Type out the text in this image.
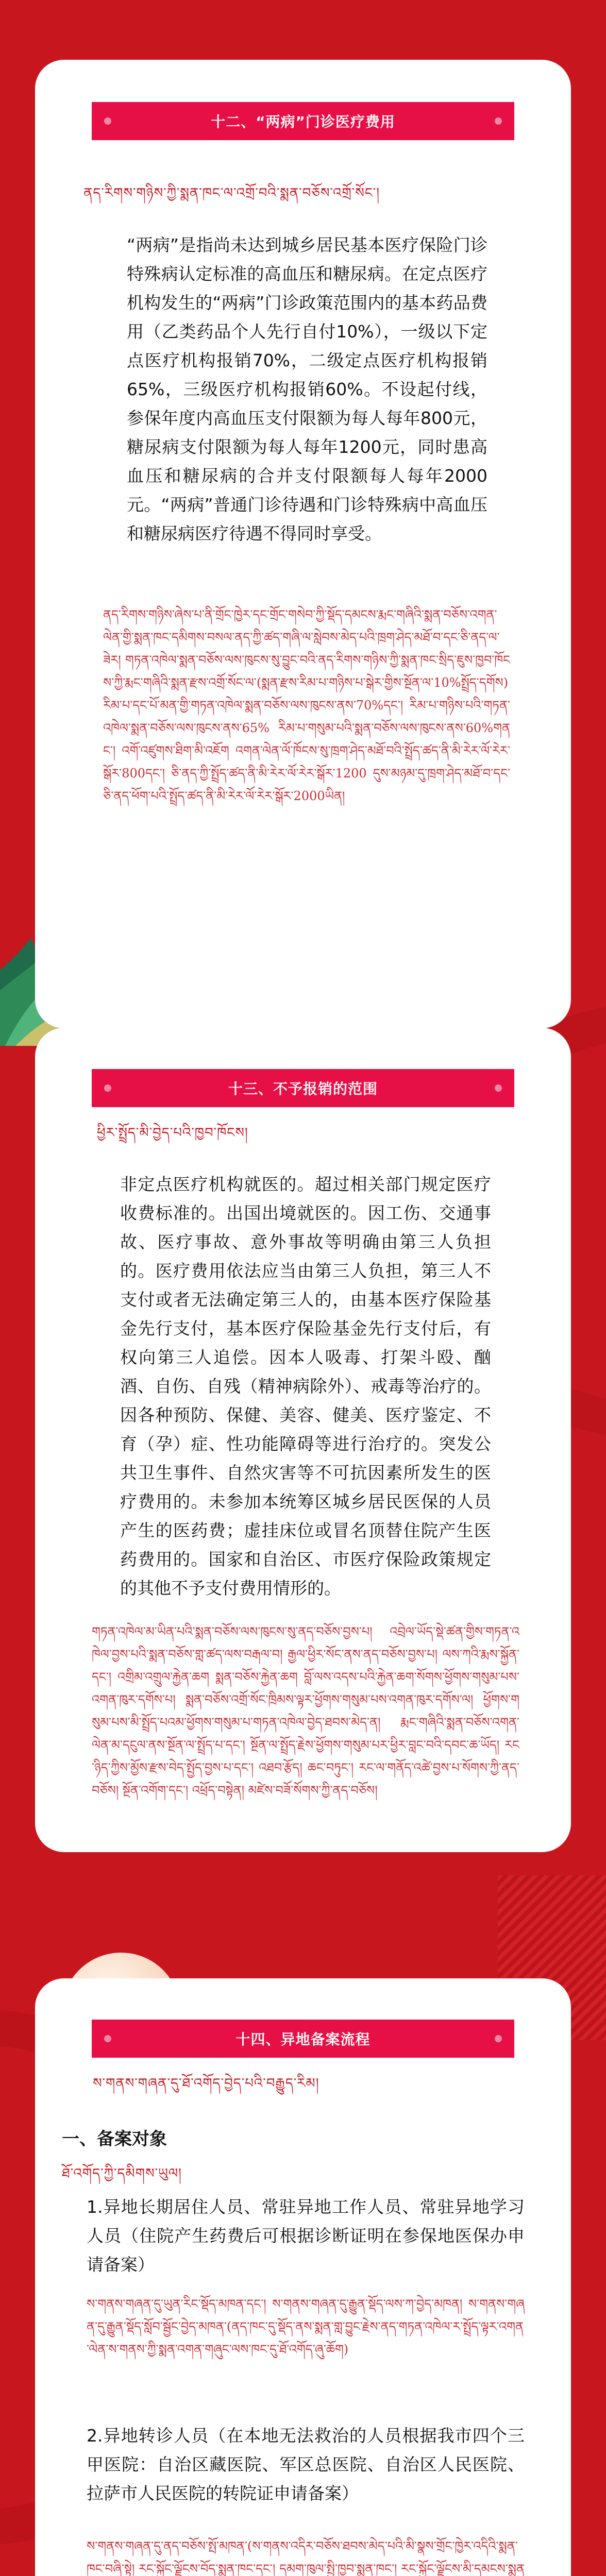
十二、“两病”门诊医疗费用
ནད་རིགས་གཉིས་ཀྱི་སྨན་ཁང་ལ་འགྲོ་བའི་སྨན་བཅོས་འགྲོ་སོང་།

“两病”是指尚未达到城乡居民基本医疗保险门诊特殊病认定标准的高血压和糖尿病。在定点医疗机构发生的“两病”门诊政策范围内的基本药品费用（乙类药品个人先行自付10%），一级以下定点医疗机构报销70%，二级定点医疗机构报销65%，三级医疗机构报销60%。不设起付线，参保年度内高血压支付限额为每人每年800元，糖尿病支付限额为每人每年1200元，同时患高血压和糖尿病的合并支付限额每人每年2000元。“两病”普通门诊待遇和门诊特殊病中高血压和糖尿病医疗待遇不得同时享受。

ནད་རིགས་གཉིས་ཞེས་པ་ནི་གྲོང་ཁྱེར་དང་གྲོང་གསེབ་ཀྱི་སྡོད་དམངས་རྨང་གཞིའི་སྨན་བཅོས་འགན་ལེན་གྱི་སྨན་ཁང་དམིགས་བསལ་ནད་ཀྱི་ཚད་གཞི་ལ་སླེབས་མེད་པའི་ཁྲག་ཤེད་མཐོ་བ་དང་ཅི་ནད་ལ་ཟེར། གཏན་འཁེལ་སྨན་བཅོས་ལས་ཁུངས་སུ་བྱུང་བའི་ནད་རིགས་གཉིས་ཀྱི་སྨན་ཁང་སྲིད་ཇུས་ཁྱབ་ཁོངས་ཀྱི་རྨང་གཞིའི་སྨན་རྫས་འགྲོ་སོང་ལ་(སྨན་རྫས་རིམ་པ་གཉིས་པ་སྒེར་གྱིས་སྔོན་ལ་10%སྤྲོད་དགོས)རིམ་པ་དང་པོ་མན་གྱི་གཏན་འཁེལ་སྨན་བཅོས་ལས་ཁུངས་ནས་70%དང་། རིམ་པ་གཉིས་པའི་གཏན་འཁེལ་སྨན་བཅོས་ལས་ཁུངས་ནས་65% རིམ་པ་གསུམ་པའི་སྨན་བཅོས་ལས་ཁུངས་ནས་60%གནང་། འགོ་འཛུགས་ཐིག་མི་འཇོག འགན་ལེན་ལོ་ཁོངས་སུ་ཁྲག་ཤེད་མཐོ་བའི་སྤྲོད་ཚད་ནི་མི་རེར་ལོ་རེར་སྒོར་800དང་། ཅི་ནད་ཀྱི་སྤྲོད་ཚད་ནི་མི་རེར་ལོ་རེར་སྒོར་1200 དུས་མཉམ་དུ་ཁྲག་ཤེད་མཐོ་བ་དང་ཅི་ནད་ཕོག་པའི་སྤྲོད་ཚད་ནི་མི་རེར་ལོ་རེར་སྒོར་2000ཡིན།

十三、不予报销的范围
ཕྱིར་སྤྲོད་མི་བྱེད་པའི་ཁྱབ་ཁོངས།

非定点医疗机构就医的。超过相关部门规定医疗收费标准的。出国出境就医的。因工伤、交通事故、医疗事故、意外事故等明确由第三人负担的。医疗费用依法应当由第三人负担，第三人不支付或者无法确定第三人的，由基本医疗保险基金先行支付，基本医疗保险基金先行支付后，有权向第三人追偿。因本人吸毒、打架斗殴、酗酒、自伤、自残（精神病除外）、戒毒等治疗的。因各种预防、保健、美容、健美、医疗鉴定、不育（孕）症、性功能障碍等进行治疗的。突发公共卫生事件、自然灾害等不可抗因素所发生的医疗费用的。未参加本统筹区城乡居民医保的人员产生的医药费；虚挂床位或冒名顶替住院产生医药费用的。国家和自治区、市医疗保险政策规定的其他不予支付费用情形的。

གཏན་འཁེལ་མ་ཡིན་པའི་སྨན་བཅོས་ལས་ཁུངས་སུ་ནད་བཅོས་བྱས་པ། འབྲེལ་ཡོད་སྡེ་ཚན་གྱིས་གཏན་འཁེལ་བྱས་པའི་སྨན་བཅོས་གླ་ཚད་ལས་བརྒལ་བ། རྒྱལ་ཕྱིར་སོང་ནས་ནད་བཅོས་བྱས་པ། ལས་ཀའི་རྨས་སྐྱོན་དང་། འགྲིམ་འགྲུལ་རྐྱེན་ཆག སྨན་བཅོས་རྐྱེན་ཆག བློ་ལས་འདས་པའི་རྐྱེན་ཆག་སོགས་ཕྱོགས་གསུམ་པས་འགན་ཁུར་དགོས་པ། སྨན་བཅོས་འགྲོ་སོང་ཁྲིམས་ལྟར་ཕྱོགས་གསུམ་པས་འགན་ཁུར་དགོས་ལ། ཕྱོགས་གསུམ་པས་མི་སྤྲོད་པའམ་ཕྱོགས་གསུམ་པ་གཏན་འཁེལ་བྱེད་ཐབས་མེད་ན། རྨང་གཞིའི་སྨན་བཅོས་འགན་ལེན་མ་དངུལ་ནས་སྔོན་ལ་སྤྲོད་པ་དང་། སྔོན་ལ་སྤྲོད་རྗེས་ཕྱོགས་གསུམ་པར་ཕྱིར་བླང་བའི་དབང་ཆ་ཡོད། རང་ཉིད་ཀྱིས་མྱོས་རྫས་བེད་སྤྱོད་བྱས་པ་དང་། འཐབ་རྩོད། ཆང་བཏུང་། རང་ལ་གནོད་འཚེ་བྱས་པ་སོགས་ཀྱི་ནད་བཅོས། སྔོན་འགོག་དང་། འཕྲོད་བསྟེན། མཛེས་བཟོ་སོགས་ཀྱི་ནད་བཅོས།

十四、异地备案流程
ས་གནས་གཞན་དུ་ཐོ་འགོད་བྱེད་པའི་བརྒྱུད་རིམ།
一、备案对象
ཐོ་འགོད་ཀྱི་དམིགས་ཡུལ།

1.异地长期居住人员、常驻异地工作人员、常驻异地学习人员（住院产生药费后可根据诊断证明在参保地医保办申请备案）

ས་གནས་གཞན་དུ་ཡུན་རིང་སྡོད་མཁན་དང་། ས་གནས་གཞན་དུ་རྒྱུན་སྡོད་ལས་ཀ་བྱེད་མཁན། ས་གནས་གཞན་དུ་རྒྱུན་སྡོད་སློབ་སྦྱོང་བྱེད་མཁན་(ནད་ཁང་དུ་སྡོད་ནས་སྨན་གླ་བྱུང་རྗེས་ནད་གཏན་འཁེལ་ར་སྤྲོད་ལྟར་འགན་ལེན་ས་གནས་ཀྱི་སྨན་འགན་གཞུང་ལས་ཁང་དུ་ཐོ་འགོད་ཞུ་ཆོག)

2.异地转诊人员（在本地无法救治的人员根据我市四个三甲医院：自治区藏医院、军区总医院、自治区人民医院、拉萨市人民医院的转院证申请备案）

ས་གནས་གཞན་དུ་ནད་བཅོས་སྤོ་མཁན་(ས་གནས་འདིར་བཅོས་ཐབས་མེད་པའི་མི་སྣས་གྲོང་ཁྱེར་འདིའི་སྨན་ཁང་བཞི་སྟེ། རང་སྐྱོང་ལྗོངས་བོད་སྨན་ཁང་དང་། དམག་ཁུལ་སྤྱི་ཁྱབ་སྨན་ཁང་། རང་སྐྱོང་ལྗོངས་མི་དམངས་སྨན
